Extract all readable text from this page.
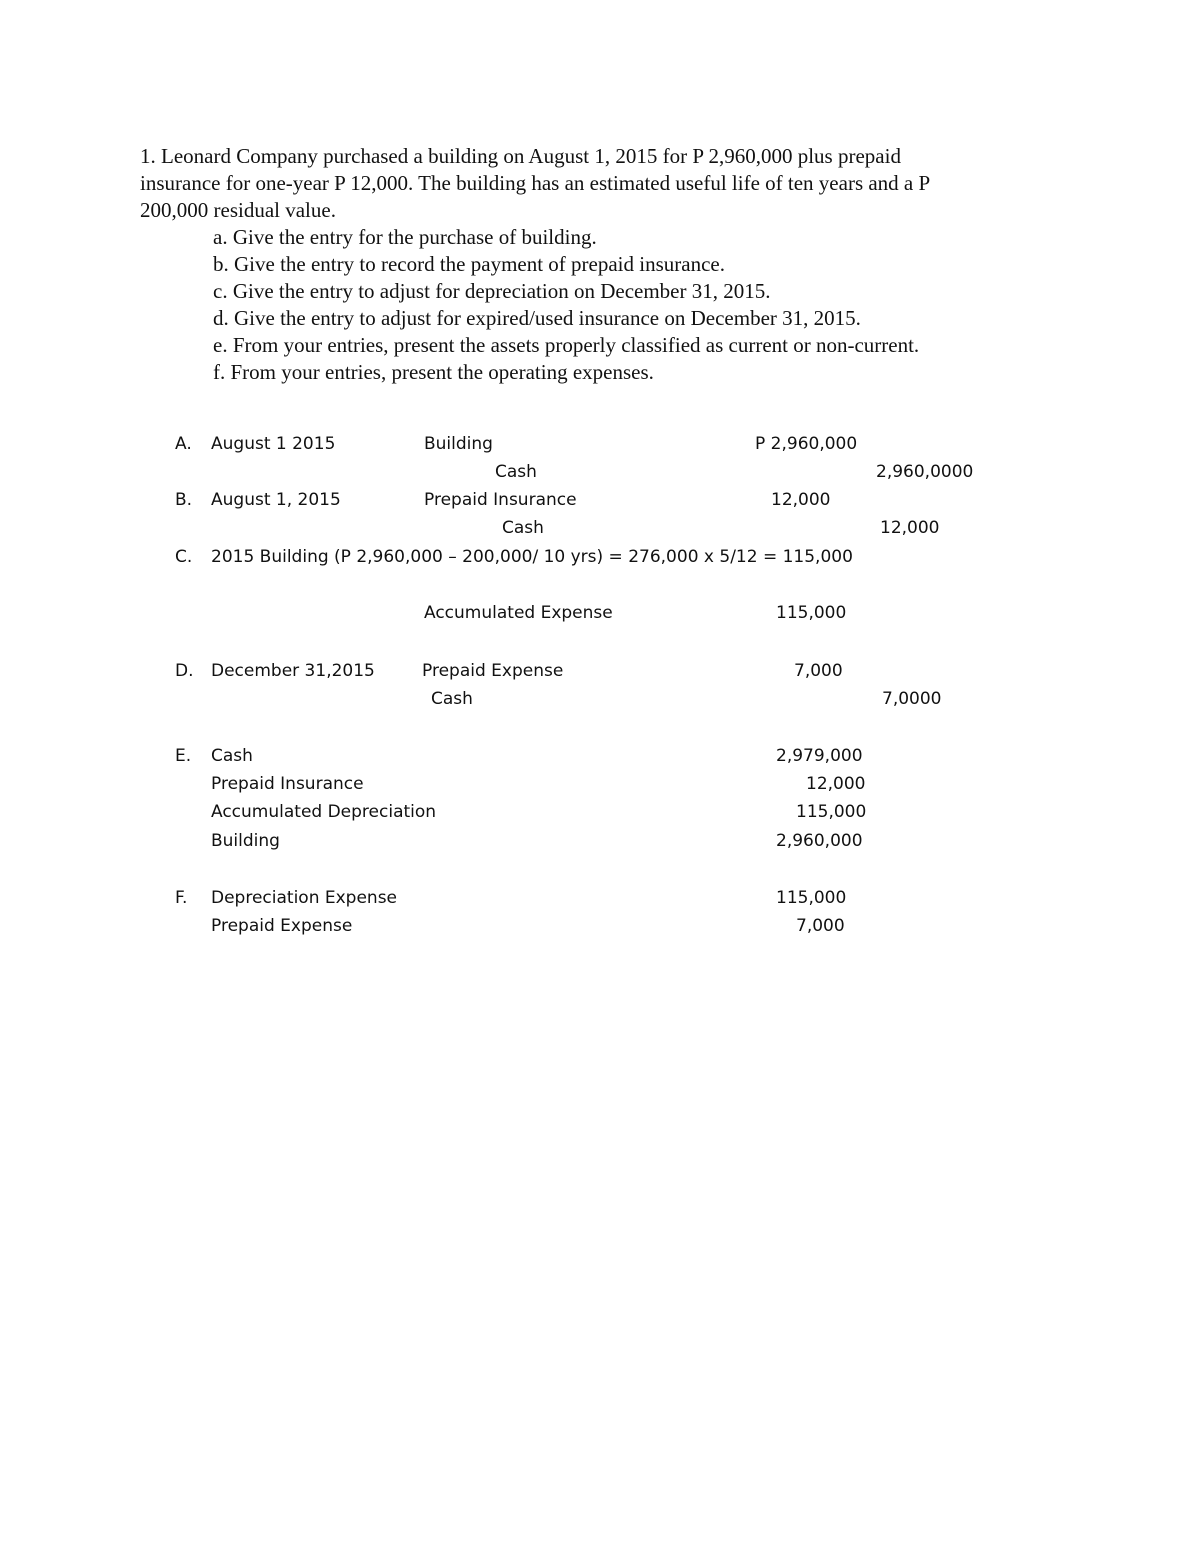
1. Leonard Company purchased a building on August 1, 2015 for P 2,960,000 plus prepaid

insurance for one-year P 12,000. The building has an estimated useful life of ten years and a P

200,000 residual value.

a. Give the entry for the purchase of building.

b. Give the entry to record the payment of prepaid insurance.

c. Give the entry to adjust for depreciation on December 31, 2015.

d. Give the entry to adjust for expired/used insurance on December 31, 2015.

e. From your entries, present the assets properly classified as current or non-current.

f. From your entries, present the operating expenses.

A. August 1 2015	Building	P 2,960,000
Cash	2,960,0000
B. August 1, 2015	Prepaid Insurance	12,000
Cash	12,000
C. 2015 Building (P 2,960,000 – 200,000/ 10 yrs) = 276,000 x 5/12 = 115,000
Accumulated Expense	115,000
D. December 31,2015	Prepaid Expense	7,000
Cash	7,0000
E. Cash	2,979,000
Prepaid Insurance	12,000
Accumulated Depreciation	115,000
Building	2,960,000
F. Depreciation Expense	115,000
Prepaid Expense	7,000
